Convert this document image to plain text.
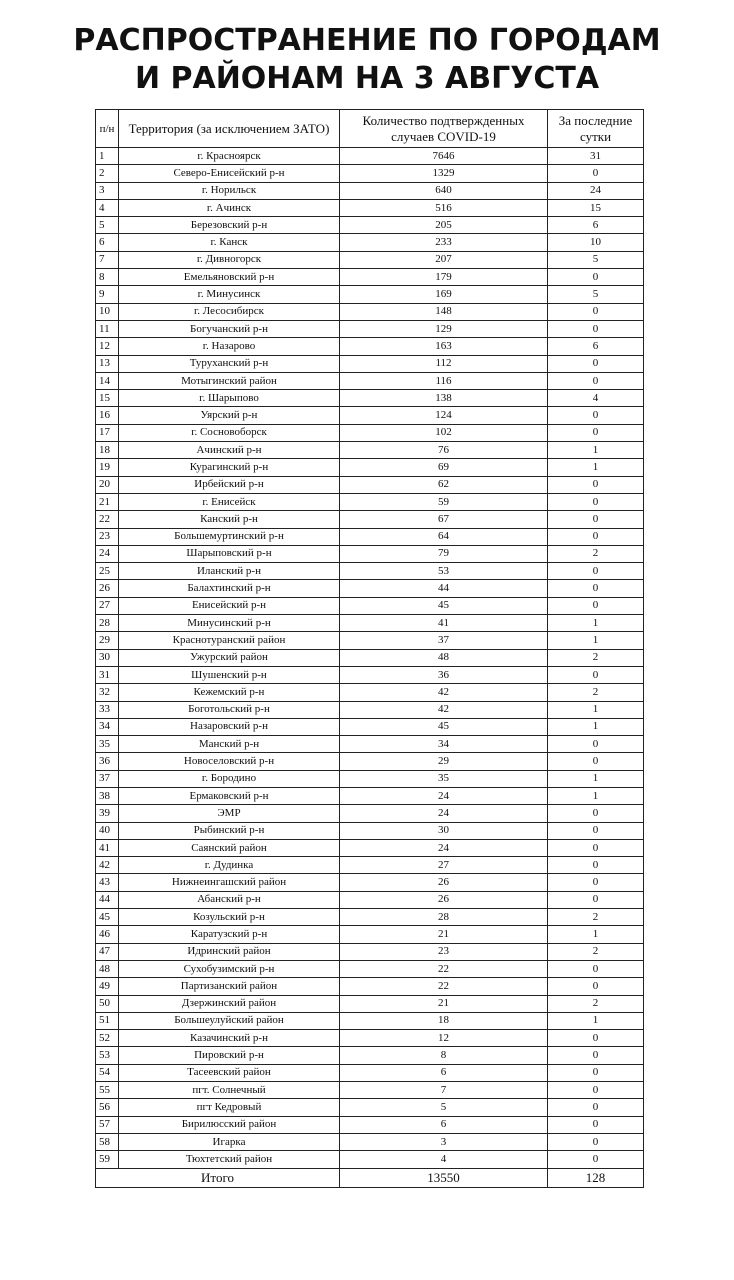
РАСПРОСТРАНЕНИЕ ПО ГОРОДАМ
И РАЙОНАМ НА 3 АВГУСТА
п/н	Территория (за исключением ЗАТО)	Количество подтвержденных случаев COVID-19	За последние сутки
1	г. Красноярск	7646	31
2	Северо-Енисейский р-н	1329	0
3	г. Норильск	640	24
4	г. Ачинск	516	15
5	Березовский р-н	205	6
6	г. Канск	233	10
7	г. Дивногорск	207	5
8	Емельяновский р-н	179	0
9	г. Минусинск	169	5
10	г. Лесосибирск	148	0
11	Богучанский р-н	129	0
12	г. Назарово	163	6
13	Туруханский р-н	112	0
14	Мотыгинский район	116	0
15	г. Шарыпово	138	4
16	Уярский р-н	124	0
17	г. Сосновоборск	102	0
18	Ачинский р-н	76	1
19	Курагинский р-н	69	1
20	Ирбейский р-н	62	0
21	г. Енисейск	59	0
22	Канский р-н	67	0
23	Большемуртинский р-н	64	0
24	Шарыповский р-н	79	2
25	Иланский р-н	53	0
26	Балахтинский р-н	44	0
27	Енисейский р-н	45	0
28	Минусинский р-н	41	1
29	Краснотуранский район	37	1
30	Ужурский район	48	2
31	Шушенский р-н	36	0
32	Кежемский р-н	42	2
33	Боготольский р-н	42	1
34	Назаровский р-н	45	1
35	Манский р-н	34	0
36	Новоселовский р-н	29	0
37	г. Бородино	35	1
38	Ермаковский р-н	24	1
39	ЭМР	24	0
40	Рыбинский р-н	30	0
41	Саянский район	24	0
42	г. Дудинка	27	0
43	Нижнеингашский район	26	0
44	Абанский р-н	26	0
45	Козульский р-н	28	2
46	Каратузский р-н	21	1
47	Идринский район	23	2
48	Сухобузимский р-н	22	0
49	Партизанский район	22	0
50	Дзержинский район	21	2
51	Большеулуйский район	18	1
52	Казачинский р-н	12	0
53	Пировский р-н	8	0
54	Тасеевский район	6	0
55	пгт. Солнечный	7	0
56	пгт Кедровый	5	0
57	Бирилюсский район	6	0
58	Игарка	3	0
59	Тюхтетский район	4	0
Итого		13550	128
